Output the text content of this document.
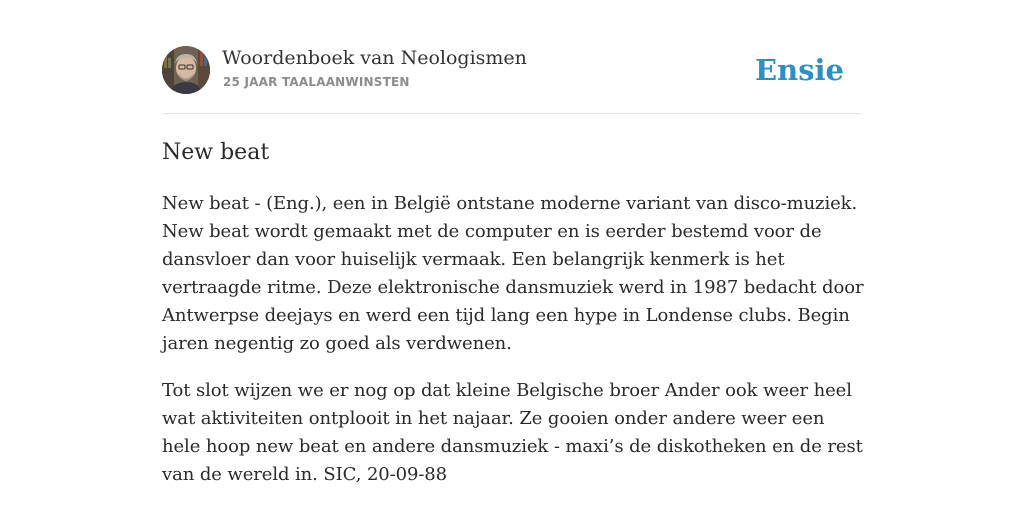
Woordenboek van Neologismen
25 JAAR TAALAANWINSTEN	Ensie
New beat

New beat - (Eng.), een in België ontstane moderne variant van disco-muziek. New beat wordt gemaakt met de computer en is eerder bestemd voor de dansvloer dan voor huiselijk vermaak. Een belangrijk kenmerk is het vertraagde ritme. Deze elektronische dansmuziek werd in 1987 bedacht door Antwerpse deejays en werd een tijd lang een hype in Londense clubs. Begin jaren negentig zo goed als verdwenen.

Tot slot wijzen we er nog op dat kleine Belgische broer Ander ook weer heel wat aktiviteiten ontplooit in het najaar. Ze gooien onder andere weer een hele hoop new beat en andere dansmuziek - maxi’s de diskotheken en de rest van de wereld in. SIC, 20-09-88
